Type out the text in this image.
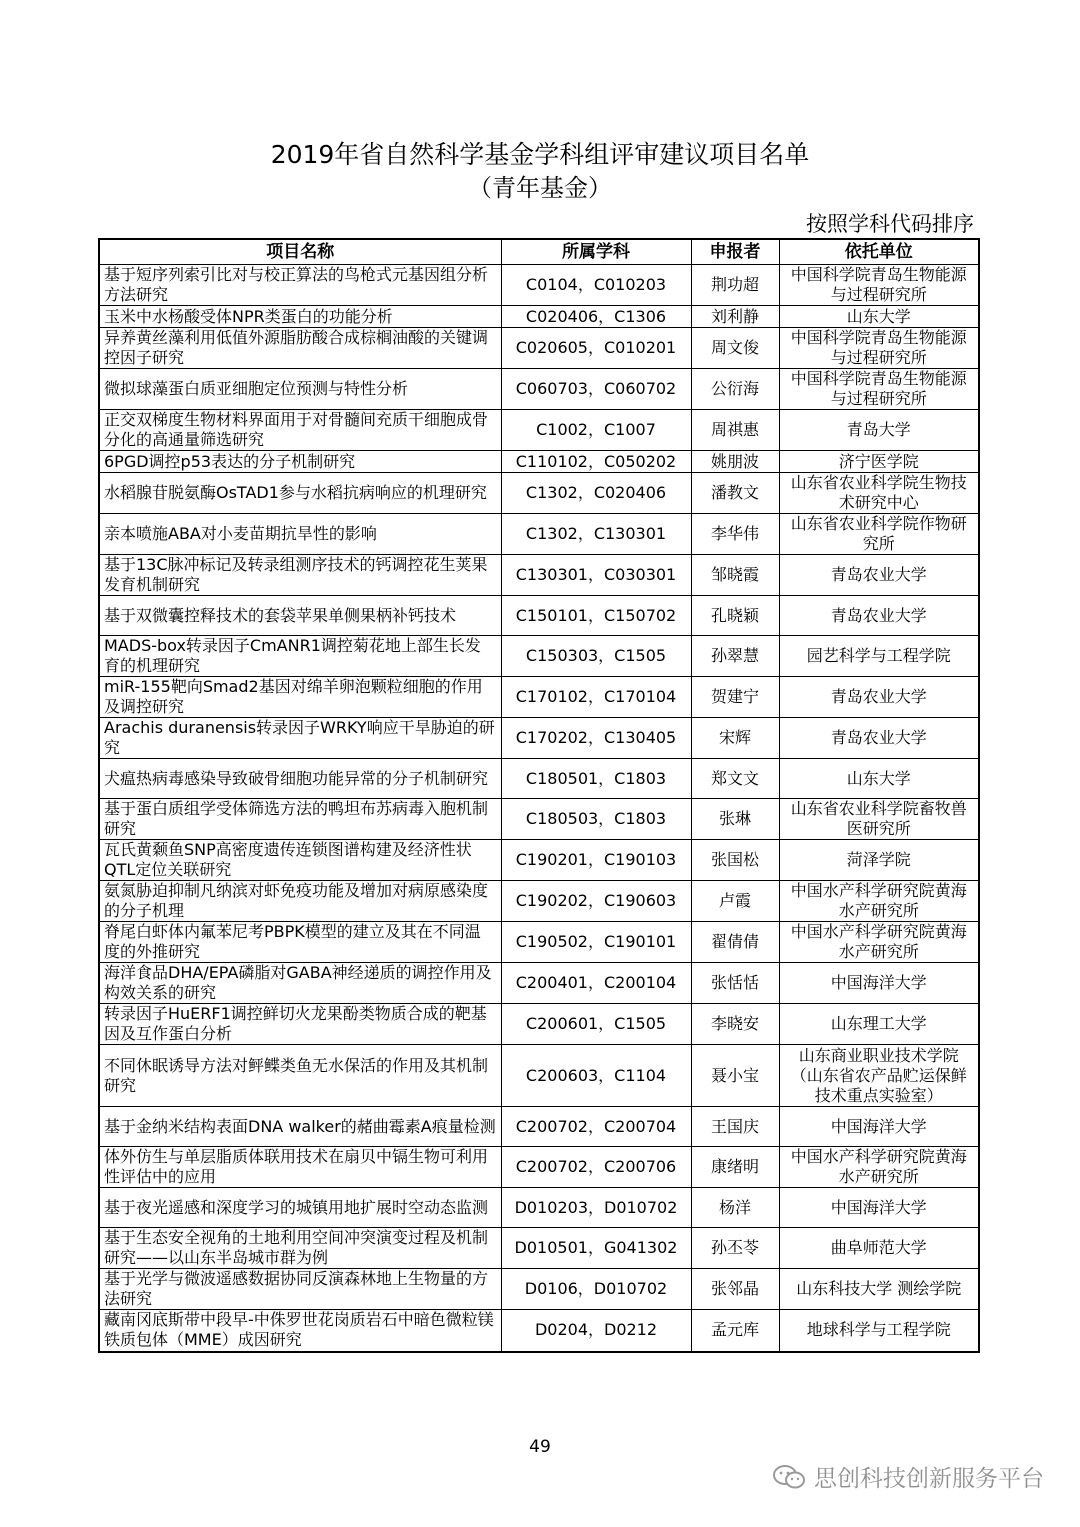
2019年省自然科学基金学科组评审建议项目名单
（青年基金）
按照学科代码排序
项目名称	所属学科	申报者	依托单位

基于短序列索引比对与校正算法的鸟枪式元基因组分析方法研究	C0104，C010203	荆功超	中国科学院青岛生物能源与过程研究所

玉米中水杨酸受体NPR类蛋白的功能分析	C020406，C1306	刘利静	山东大学

异养黄丝藻利用低值外源脂肪酸合成棕榈油酸的关键调控因子研究	C020605，C010201	周文俊	中国科学院青岛生物能源与过程研究所

微拟球藻蛋白质亚细胞定位预测与特性分析	C060703，C060702	公衍海	中国科学院青岛生物能源与过程研究所

正交双梯度生物材料界面用于对骨髓间充质干细胞成骨分化的高通量筛选研究	C1002，C1007	周祺惠	青岛大学

6PGD调控p53表达的分子机制研究	C110102，C050202	姚朋波	济宁医学院

水稻腺苷脱氨酶OsTAD1参与水稻抗病响应的机理研究	C1302，C020406	潘教文	山东省农业科学院生物技术研究中心

亲本喷施ABA对小麦苗期抗旱性的影响	C1302，C130301	李华伟	山东省农业科学院作物研究所

基于13C脉冲标记及转录组测序技术的钙调控花生荚果发育机制研究	C130301，C030301	邹晓霞	青岛农业大学

基于双微囊控释技术的套袋苹果单侧果柄补钙技术	C150101，C150702	孔晓颖	青岛农业大学

MADS-box转录因子CmANR1调控菊花地上部生长发育的机理研究	C150303，C1505	孙翠慧	园艺科学与工程学院

miR-155靶向Smad2基因对绵羊卵泡颗粒细胞的作用及调控研究	C170102，C170104	贺建宁	青岛农业大学

Arachis duranensis转录因子WRKY响应干旱胁迫的研究	C170202，C130405	宋辉	青岛农业大学

犬瘟热病毒感染导致破骨细胞功能异常的分子机制研究	C180501，C1803	郑文文	山东大学

基于蛋白质组学受体筛选方法的鸭坦布苏病毒入胞机制研究	C180503，C1803	张琳	山东省农业科学院畜牧兽医研究所

瓦氏黄颡鱼SNP高密度遗传连锁图谱构建及经济性状QTL定位关联研究	C190201，C190103	张国松	菏泽学院

氨氮胁迫抑制凡纳滨对虾免疫功能及增加对病原感染度的分子机理	C190202，C190603	卢霞	中国水产科学研究院黄海水产研究所

脊尾白虾体内氟苯尼考PBPK模型的建立及其在不同温度的外推研究	C190502，C190101	翟倩倩	中国水产科学研究院黄海水产研究所

海洋食品DHA/EPA磷脂对GABA神经递质的调控作用及构效关系的研究	C200401，C200104	张恬恬	中国海洋大学

转录因子HuERF1调控鲜切火龙果酚类物质合成的靶基因及互作蛋白分析	C200601，C1505	李晓安	山东理工大学

不同休眠诱导方法对鲆鲽类鱼无水保活的作用及其机制研究	C200603，C1104	聂小宝	山东商业职业技术学院（山东省农产品贮运保鲜技术重点实验室）

基于金纳米结构表面DNA walker的赭曲霉素A痕量检测	C200702，C200704	王国庆	中国海洋大学

体外仿生与单层脂质体联用技术在扇贝中镉生物可利用性评估中的应用	C200702，C200706	康绪明	中国水产科学研究院黄海水产研究所

基于夜光遥感和深度学习的城镇用地扩展时空动态监测	D010203，D010702	杨洋	中国海洋大学

基于生态安全视角的土地利用空间冲突演变过程及机制研究——以山东半岛城市群为例	D010501，G041302	孙丕苓	曲阜师范大学

基于光学与微波遥感数据协同反演森林地上生物量的方法研究	D0106，D010702	张邻晶	山东科技大学 测绘学院

藏南冈底斯带中段早-中侏罗世花岗质岩石中暗色微粒镁铁质包体（MME）成因研究	D0204，D0212	孟元库	地球科学与工程学院
49
思创科技创新服务平台
